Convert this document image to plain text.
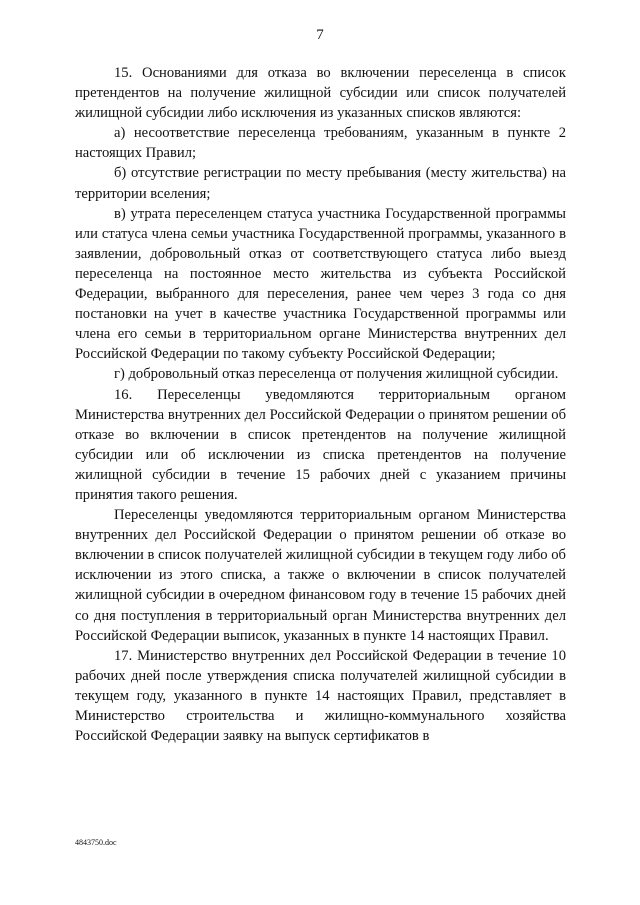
7

15. Основаниями для отказа во включении переселенца в список претендентов на получение жилищной субсидии или список получателей жилищной субсидии либо исключения из указанных списков являются:

а) несоответствие переселенца требованиям, указанным в пункте 2 настоящих Правил;

б) отсутствие регистрации по месту пребывания (месту жительства) на территории вселения;

в) утрата переселенцем статуса участника Государственной программы или статуса члена семьи участника Государственной программы, указанного в заявлении, добровольный отказ от соответствующего статуса либо выезд переселенца на постоянное место жительства из субъекта Российской Федерации, выбранного для переселения, ранее чем через 3 года со дня постановки на учет в качестве участника Государственной программы или члена его семьи в территориальном органе Министерства внутренних дел Российской Федерации по такому субъекту Российской Федерации;

г) добровольный отказ переселенца от получения жилищной субсидии.

16. Переселенцы уведомляются территориальным органом Министерства внутренних дел Российской Федерации о принятом решении об отказе во включении в список претендентов на получение жилищной субсидии или об исключении из списка претендентов на получение жилищной субсидии в течение 15 рабочих дней с указанием причины принятия такого решения.

Переселенцы уведомляются территориальным органом Министерства внутренних дел Российской Федерации о принятом решении об отказе во включении в список получателей жилищной субсидии в текущем году либо об исключении из этого списка, а также о включении в список получателей жилищной субсидии в очередном финансовом году в течение 15 рабочих дней со дня поступления в территориальный орган Министерства внутренних дел Российской Федерации выписок, указанных в пункте 14 настоящих Правил.

17. Министерство внутренних дел Российской Федерации в течение 10 рабочих дней после утверждения списка получателей жилищной субсидии в текущем году, указанного в пункте 14 настоящих Правил, представляет в Министерство строительства и жилищно-коммунального хозяйства Российской Федерации заявку на выпуск сертификатов в

4843750.doc
